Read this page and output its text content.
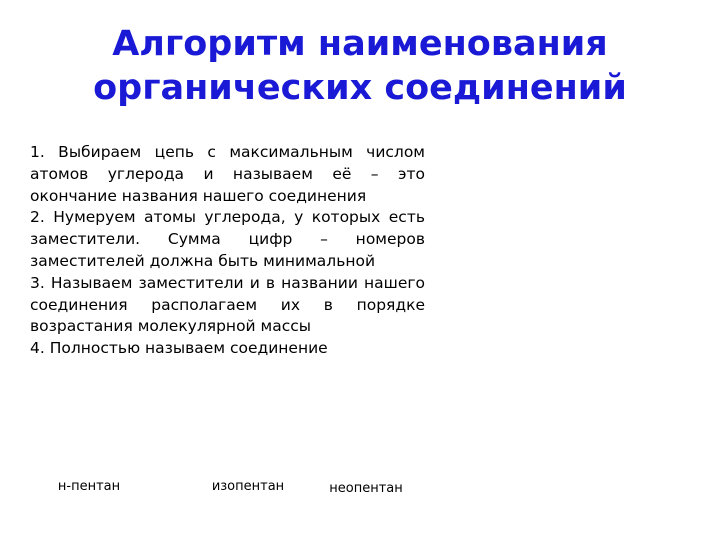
Алгоритм наименования
органических соединений
1. Выбираем цепь с максимальным числом атомов углерода и называем её – это окончание названия нашего соединения
2. Нумеруем атомы углерода, у которых есть заместители. Сумма цифр – номеров заместителей должна быть минимальной
3. Называем заместители и в названии нашего соединения располагаем их в порядке возрастания молекулярной массы
4. Полностью называем соединение
н-пентан	изопентан	неопентан
